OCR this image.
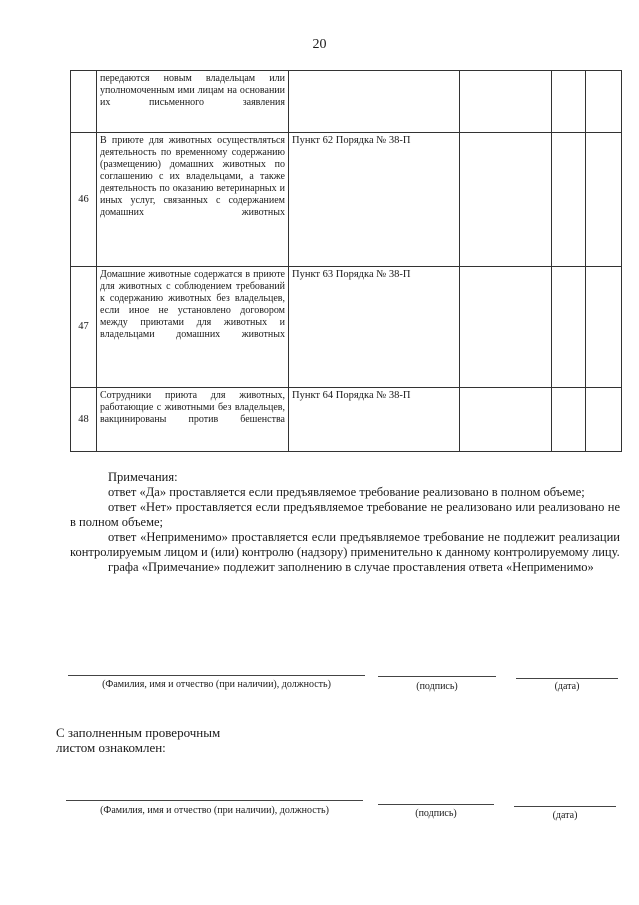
20
	передаются новым владельцам или уполномоченным ими лицам на основании их письменного заявления				
46	В приюте для животных осуществляться деятельность по временному содержанию (размещению) домашних животных по соглашению с их владельцами, а также деятельность по оказанию ветеринарных и иных услуг, связанных с содержанием домашних животных	Пункт 62 Порядка № 38-П			
47	Домашние животные содержатся в приюте для животных с соблюдением требований к содержанию животных без владельцев, если иное не установлено договором между приютами для животных и владельцами домашних животных	Пункт 63 Порядка № 38-П			
48	Сотрудники приюта для животных, работающие с животными без владельцев, вакцинированы против бешенства	Пункт 64 Порядка № 38-П			

Примечания:

ответ «Да» проставляется если предъявляемое требование реализовано в полном объеме;

ответ «Нет» проставляется если предъявляемое требование не реализовано или реализовано не в полном объеме;

ответ «Неприменимо» проставляется если предъявляемое требование не подлежит реализации контролируемым лицом и (или) контролю (надзору) применительно к данному контролируемому лицу.

графа «Примечание» подлежит заполнению в случае проставления ответа «Неприменимо»

(Фамилия, имя и отчество (при наличии), должность)	(подпись)	(дата)
С заполненным проверочным
листом ознакомлен:
(Фамилия, имя и отчество (при наличии), должность)	(подпись)	(дата)
